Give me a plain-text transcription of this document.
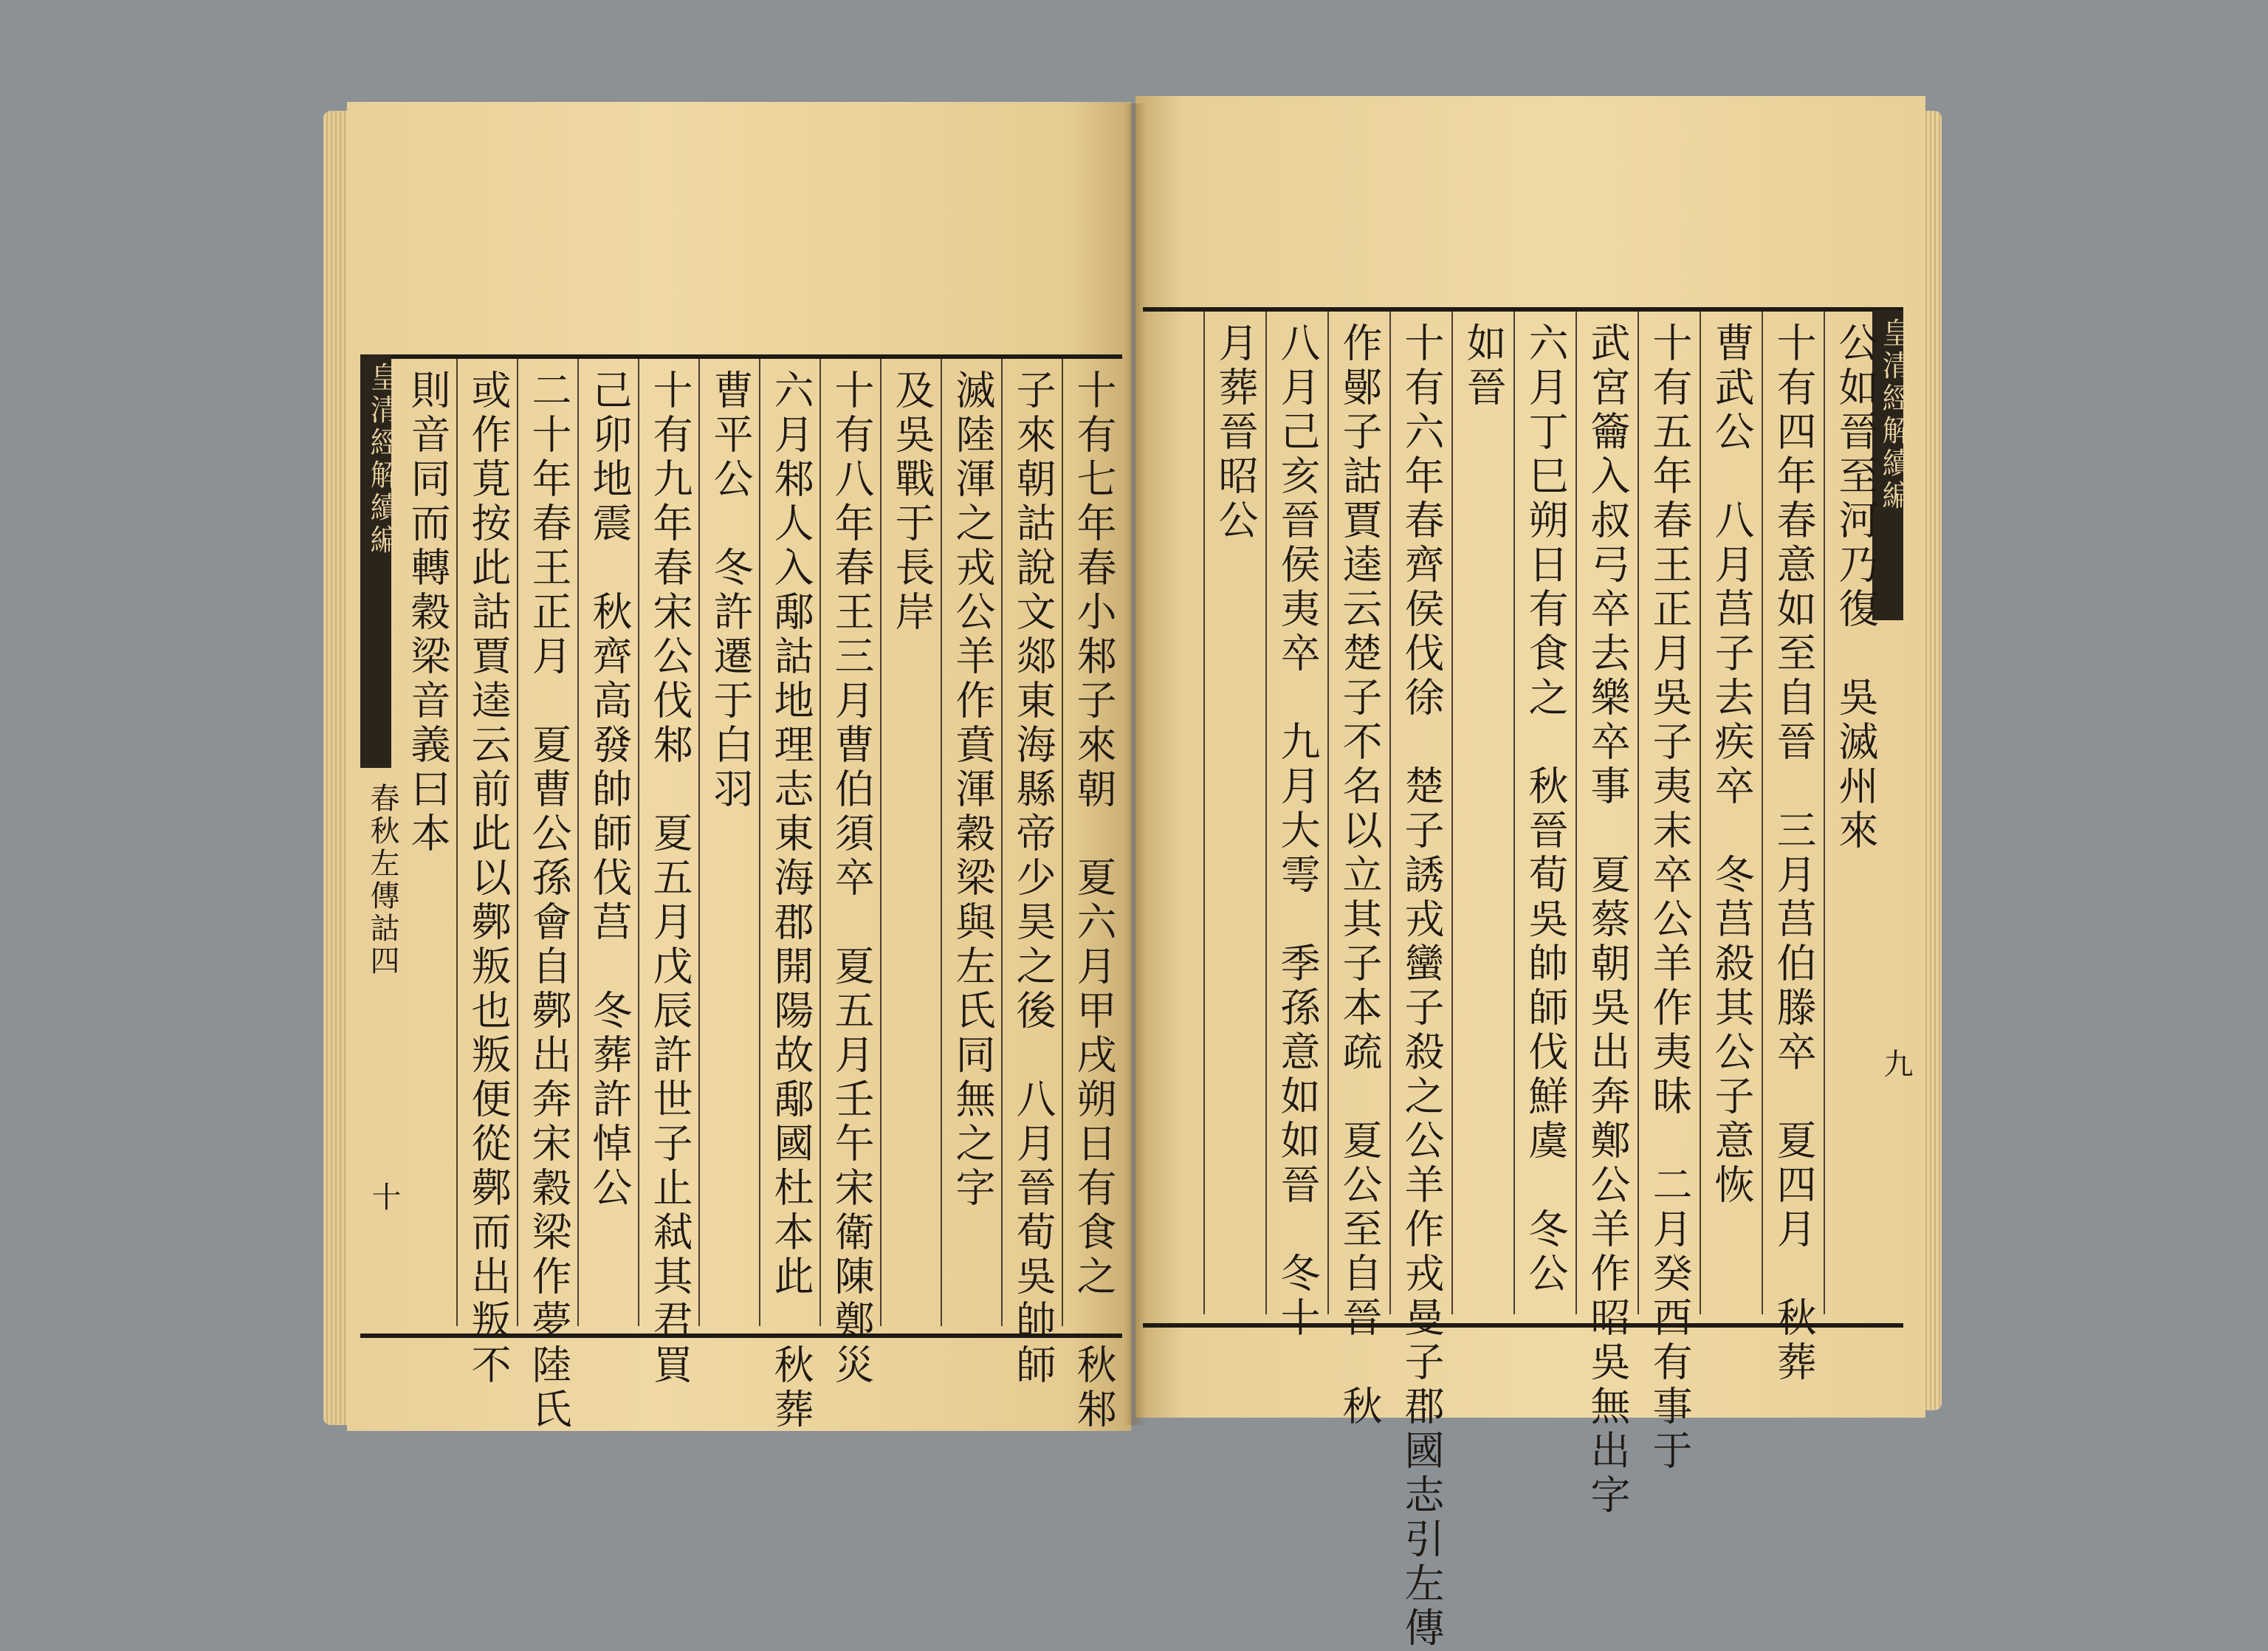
皇清經解續編
春秋左傳詁四
十
皇清經解續編
九
十有七年春小邾子來朝　夏六月甲戌朔日有食之　秋邾
子來朝詁說文郯東海縣帝少昊之後　八月晉荀吳帥師
滅陸渾之戎公羊作賁渾穀梁與左氏同無之字
及吳戰于長岸
十有八年春王三月曹伯須卒　夏五月壬午宋衛陳鄭災
六月邾人入鄅詁地理志東海郡開陽故鄅國杜本此　秋葬
曹平公　冬許遷于白羽
十有九年春宋公伐邾　夏五月戊辰許世子止弒其君買
己卯地震　秋齊高發帥師伐莒　冬葬許悼公
二十年春王正月　夏曹公孫會自鄸出奔宋穀梁作夢陸氏
或作莧按此詁賈逵云前此以鄸叛也叛便從鄸而出叛不
則音同而轉穀梁音義曰本	公如晉至河乃復　吳滅州來
十有四年春意如至自晉　三月莒伯滕卒　夏四月　秋葬
曹武公　八月莒子去疾卒　冬莒殺其公子意恢
十有五年春王正月吳子夷末卒公羊作夷昧　二月癸酉有事于
武宮籥入叔弓卒去樂卒事　夏蔡朝吳出奔鄭公羊作昭吳無出字
六月丁巳朔日有食之　秋晉荀吳帥師伐鮮虞　冬公
如晉
十有六年春齊侯伐徐　楚子誘戎蠻子殺之公羊作戎曼子郡國志引左傳
作鄤子詁賈逵云楚子不名以立其子本疏　夏公至自晉　秋
八月己亥晉侯夷卒　九月大雩　季孫意如如晉　冬十
月葬晉昭公
